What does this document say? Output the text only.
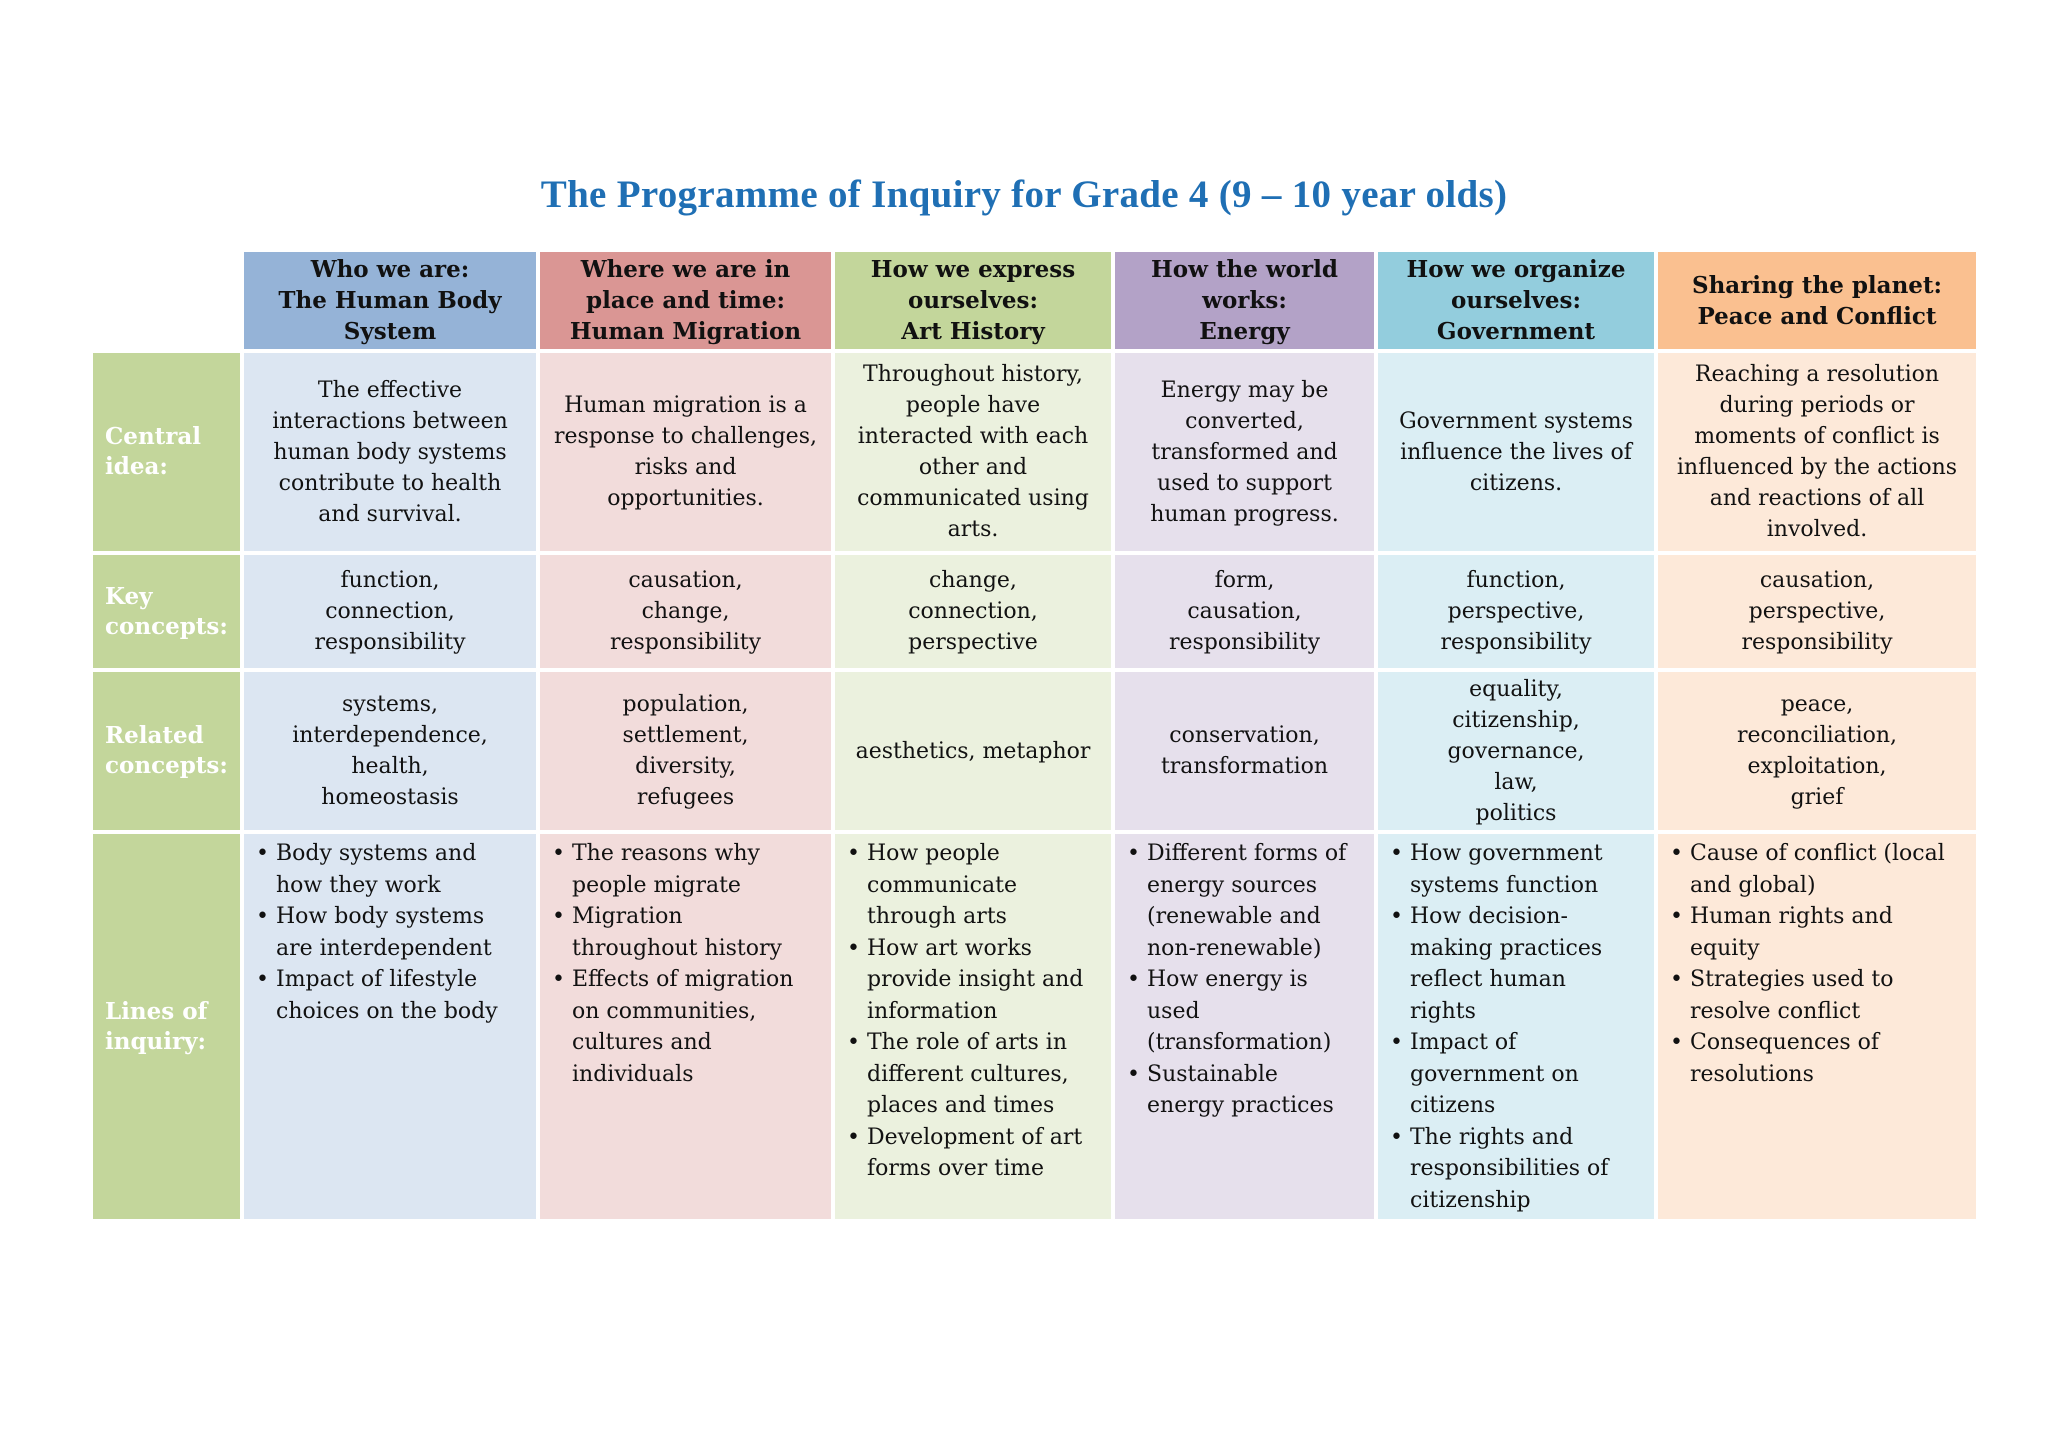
The Programme of Inquiry for Grade 4 (9 – 10 year olds)
Who we are:
The Human Body
System
Where we are in
place and time:
Human Migration
How we express
ourselves:
Art History
How the world
works:
Energy
How we organize
ourselves:
Government
Sharing the planet:
Peace and Conflict
Central
idea:
The effective
interactions between
human body systems
contribute to health
and survival.
Human migration is a
response to challenges,
risks and
opportunities.
Throughout history,
people have
interacted with each
other and
communicated using
arts.
Energy may be
converted,
transformed and
used to support
human progress.
Government systems
influence the lives of
citizens.
Reaching a resolution
during periods or
moments of conflict is
influenced by the actions
and reactions of all
involved.
Key
concepts:
function,
connection,
responsibility
causation,
change,
responsibility
change,
connection,
perspective
form,
causation,
responsibility
function,
perspective,
responsibility
causation,
perspective,
responsibility
Related
concepts:
systems,
interdependence,
health,
homeostasis
population,
settlement,
diversity,
refugees
aesthetics, metaphor
conservation,
transformation
equality,
citizenship,
governance,
law,
politics
peace,
reconciliation,
exploitation,
grief
Lines of
inquiry:
• Body systems and
how they work
• How body systems
are interdependent
• Impact of lifestyle
choices on the body
• The reasons why
people migrate
• Migration
throughout history
• Effects of migration
on communities,
cultures and
individuals
• How people
communicate
through arts
• How art works
provide insight and
information
• The role of arts in
different cultures,
places and times
• Development of art
forms over time
• Different forms of
energy sources
(renewable and
non-renewable)
• How energy is
used
(transformation)
• Sustainable
energy practices
• How government
systems function
• How decision-
making practices
reflect human
rights
• Impact of
government on
citizens
• The rights and
responsibilities of
citizenship
• Cause of conflict (local
and global)
• Human rights and
equity
• Strategies used to
resolve conflict
• Consequences of
resolutions
